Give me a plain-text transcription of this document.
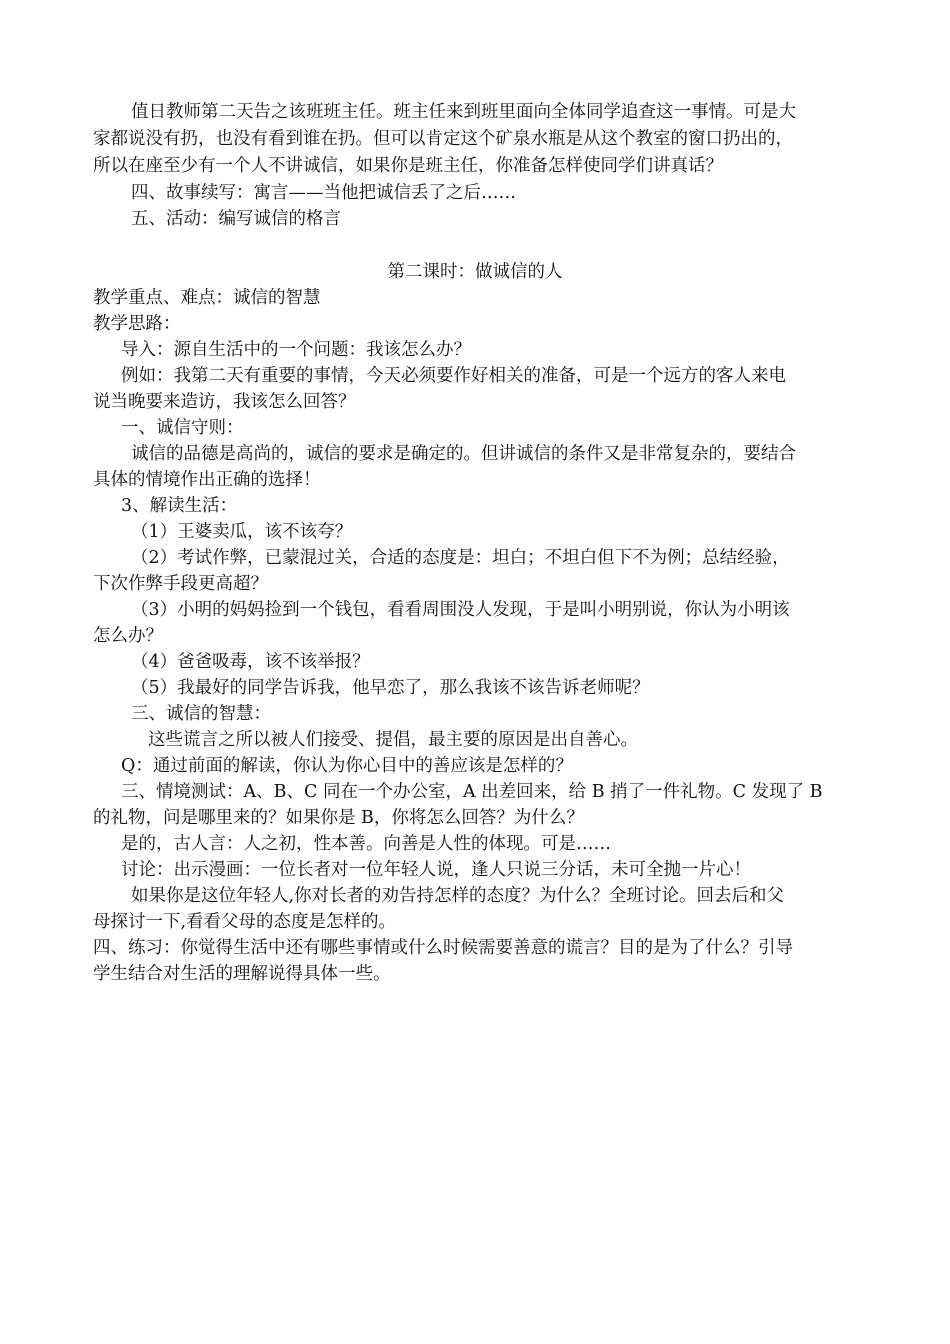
值日教师第二天告之该班班主任。班主任来到班里面向全体同学追查这一事情。可是大
家都说没有扔，也没有看到谁在扔。但可以肯定这个矿泉水瓶是从这个教室的窗口扔出的，
所以在座至少有一个人不讲诚信，如果你是班主任，你准备怎样使同学们讲真话？
四、故事续写：寓言——当他把诚信丢了之后……
五、活动：编写诚信的格言
第二课时：做诚信的人
教学重点、难点：诚信的智慧
教学思路：
导入：源自生活中的一个问题：我该怎么办？
例如：我第二天有重要的事情，今天必须要作好相关的准备，可是一个远方的客人来电
说当晚要来造访，我该怎么回答？
一、诚信守则：
诚信的品德是高尚的，诚信的要求是确定的。但讲诚信的条件又是非常复杂的，要结合
具体的情境作出正确的选择！
3、解读生活：
（1）王婆卖瓜，该不该夸？
（2）考试作弊，已蒙混过关，合适的态度是：坦白；不坦白但下不为例；总结经验，
下次作弊手段更高超？
（3）小明的妈妈捡到一个钱包，看看周围没人发现，于是叫小明别说，你认为小明该
怎么办？
（4）爸爸吸毒，该不该举报？
（5）我最好的同学告诉我，他早恋了，那么我该不该告诉老师呢？
三、诚信的智慧：
这些谎言之所以被人们接受、提倡，最主要的原因是出自善心。
Q：通过前面的解读，你认为你心目中的善应该是怎样的？
三、情境测试：A、B、C 同在一个办公室，A 出差回来，给 B 捎了一件礼物。C 发现了 B
的礼物，问是哪里来的？如果你是 B，你将怎么回答？为什么？
是的，古人言：人之初，性本善。向善是人性的体现。可是……
讨论：出示漫画：一位长者对一位年轻人说，逢人只说三分话，未可全抛一片心！
如果你是这位年轻人,你对长者的劝告持怎样的态度？为什么？全班讨论。回去后和父
母探讨一下,看看父母的态度是怎样的。
四、练习：你觉得生活中还有哪些事情或什么时候需要善意的谎言？目的是为了什么？引导
学生结合对生活的理解说得具体一些。
